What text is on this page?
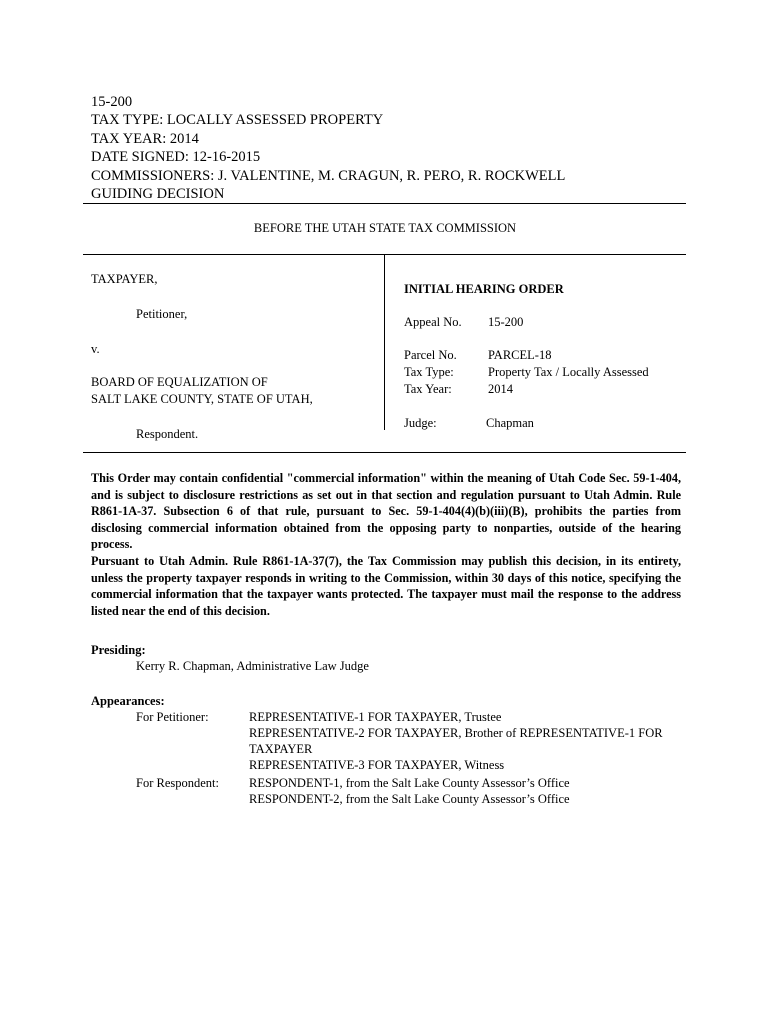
15-200
TAX TYPE: LOCALLY ASSESSED PROPERTY
TAX YEAR: 2014
DATE SIGNED: 12-16-2015
COMMISSIONERS: J. VALENTINE, M. CRAGUN, R. PERO, R. ROCKWELL
GUIDING DECISION
BEFORE THE UTAH STATE TAX COMMISSION
TAXPAYER,
Petitioner,
v.
BOARD OF EQUALIZATION OF
SALT LAKE COUNTY, STATE OF UTAH,
Respondent.
INITIAL HEARING ORDER
Appeal No. 15-200
Parcel No. PARCEL-18
Tax Type:	Property Tax / Locally Assessed
Tax Year:	2014
Judge:	Chapman

This Order may contain confidential "commercial information" within the meaning of Utah Code Sec. 59-1-404, and is subject to disclosure restrictions as set out in that section and regulation pursuant to Utah Admin. Rule R861-1A-37. Subsection 6 of that rule, pursuant to Sec. 59-1-404(4)(b)(iii)(B), prohibits the parties from disclosing commercial information obtained from the opposing party to nonparties, outside of the hearing process.

Pursuant to Utah Admin. Rule R861-1A-37(7), the Tax Commission may publish this decision, in its entirety, unless the property taxpayer responds in writing to the Commission, within 30 days of this notice, specifying the commercial information that the taxpayer wants protected. The taxpayer must mail the response to the address listed near the end of this decision.

Presiding:
Kerry R. Chapman, Administrative Law Judge
Appearances:
For Petitioner:	REPRESENTATIVE-1 FOR TAXPAYER, Trustee
REPRESENTATIVE-2 FOR TAXPAYER, Brother of REPRESENTATIVE-1 FOR TAXPAYER
REPRESENTATIVE-3 FOR TAXPAYER, Witness
For Respondent: RESPONDENT-1, from the Salt Lake County Assessor’s Office
RESPONDENT-2, from the Salt Lake County Assessor’s Office
